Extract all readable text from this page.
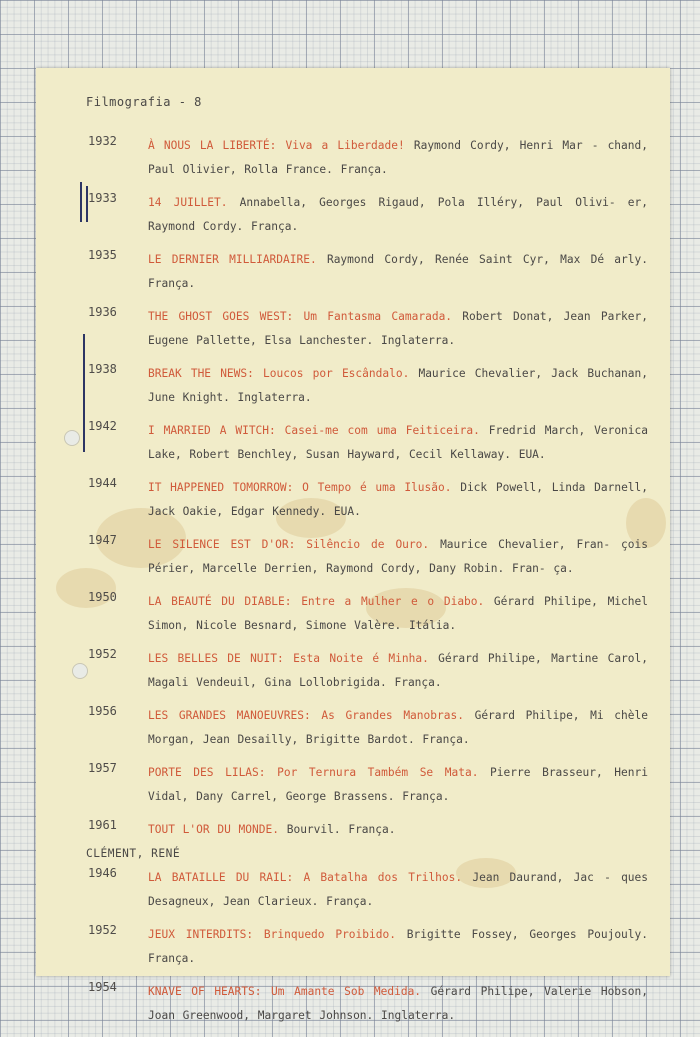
Filmografia - 8
1932	À NOUS LA LIBERTÉ: Viva a Liberdade! Raymond Cordy, Henri Mar - chand, Paul Olivier, Rolla France. França.

1933	14 JUILLET. Annabella, Georges Rigaud, Pola Illéry, Paul Olivi- er, Raymond Cordy. França.

1935	LE DERNIER MILLIARDAIRE. Raymond Cordy, Renée Saint Cyr, Max Dé arly. França.

1936	THE GHOST GOES WEST: Um Fantasma Camarada. Robert Donat, Jean Parker, Eugene Pallette, Elsa Lanchester. Inglaterra.

1938	BREAK THE NEWS: Loucos por Escândalo. Maurice Chevalier, Jack Buchanan, June Knight. Inglaterra.

1942	I MARRIED A WITCH: Casei-me com uma Feiticeira. Fredrid March, Veronica Lake, Robert Benchley, Susan Hayward, Cecil Kellaway. EUA.

1944	IT HAPPENED TOMORROW: O Tempo é uma Ilusão. Dick Powell, Linda Darnell, Jack Oakie, Edgar Kennedy. EUA.

1947	LE SILENCE EST D'OR: Silêncio de Ouro. Maurice Chevalier, Fran- çois Périer, Marcelle Derrien, Raymond Cordy, Dany Robin. Fran- ça.

1950	LA BEAUTÉ DU DIABLE: Entre a Mulher e o Diabo. Gérard Philipe, Michel Simon, Nicole Besnard, Simone Valère. Itália.

1952	LES BELLES DE NUIT: Esta Noite é Minha. Gérard Philipe, Martine Carol, Magali Vendeuil, Gina Lollobrigida. França.

1956	LES GRANDES MANOEUVRES: As Grandes Manobras. Gérard Philipe, Mi chèle Morgan, Jean Desailly, Brigitte Bardot. França.

1957	PORTE DES LILAS: Por Ternura Também Se Mata. Pierre Brasseur, Henri Vidal, Dany Carrel, George Brassens. França.

1961	TOUT L'OR DU MONDE. Bourvil. França.

CLÉMENT, RENÉ
1946	LA BATAILLE DU RAIL: A Batalha dos Trilhos. Jean Daurand, Jac - ques Desagneux, Jean Clarieux. França.

1952	JEUX INTERDITS: Brinquedo Proibido. Brigitte Fossey, Georges Poujouly. França.

1954	KNAVE OF HEARTS: Um Amante Sob Medida. Gérard Philipe, Valerie Hobson, Joan Greenwood, Margaret Johnson. Inglaterra.
